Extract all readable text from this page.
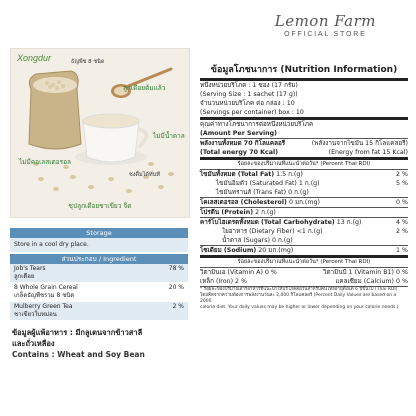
Lemon Farm
OFFICIAL STORE
Xongdur	ธัญพืช 8 ชนิด
ลูกเดือยต้มแล้ว
ไม่มีน้ำตาล
ไม่มีคอเลสเตอรอล
ชงดื่มได้ทันที
ซุปลูกเดือยชาเขียว จืด
Storage
Store in a cool dry place.
ส่วนประกอบ / Ingredient
Job's Tears
ลูกเดือย
78 %
8 Whole Grain Cereal
เกล็ดธัญพืชรวม 8 ชนิด
20 %
Mulberry Green Tea
ชาเขียวใบหม่อน
2 %
ข้อมูลผู้แพ้อาหาร : มีกลูเตนจากข้าวสาลี
และถั่วเหลือง
Contains : Wheat and Soy Bean
ข้อมูลโภชนาการ (Nutrition Information)
หนึ่งหน่วยบริโภค : 1 ซอง (17 กรัม)
(Serving Size : 1 sachet (17 g))
จำนวนหน่วยบริโภค ต่อ กล่อง : 10
(Servings per container) box : 10
คุณค่าทางโภชนาการต่อหนึ่งหน่วยบริโภค
(Amount Per Serving)
พลังงานทั้งหมด 70 กิโลแคลอรี	(พลังงานจากไขมัน 15 กิโลแคลอรี)
(Total energy 70 Kcal)	(Energy from fat 15 Kcal)
ร้อยละของปริมาณที่แนะนำต่อวัน* (Percent Thai RDI)
ไขมันทั้งหมด (Total Fat) 1.5 ก.(g)	2 %
ไขมันอิ่มตัว (Saturated Fat) 1 ก.(g)	5 %
ไขมันทรานส์ (Trans Fat) 0 ก.(g)
โคเลสเตอรอล (Cholesterol) 0 มก.(mg)	0 %
โปรตีน (Protein) 2 ก.(g)
คาร์โบไฮเดรตทั้งหมด (Total Carbohydrate) 13 ก.(g)	4 %
ใยอาหาร (Dietary Fiber) <1 ก.(g)	2 %
น้ำตาล (Sugars) 0 ก.(g)
โซเดียม (Sodium) 20 มก.(mg)	1 %
ร้อยละของปริมาณที่แนะนำต่อวัน* (Percent Thai RDI)
วิตามินเอ (Vitamin A) 0 %	วิตามินบี 1 (Vitamin B1) 0 %
เหล็ก (Iron) 2 %	แคลเซียม (Calcium) 0 %
* ร้อยละของปริมาณสารอาหารที่แนะนำให้บริโภคต่อวันสำหรับคนไทยอายุตั้งแต่ 6 ปีขึ้นไป (Thai RDI)
โดยคิดจากความต้องการพลังงานวันละ 2,000 กิโลแคลอรี (Percent Daily Values are based on a 2000
calorie diet. Your daily values may be higher or lower depending on your calorie needs.)
